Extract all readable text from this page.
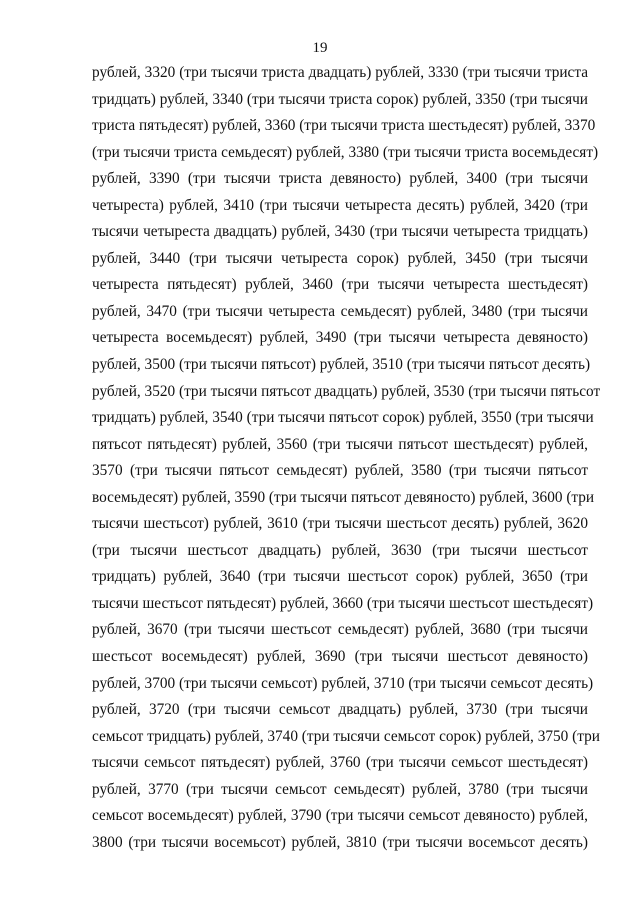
19
рублей, 3320 (три тысячи триста двадцать) рублей, 3330 (три тысячи триста
тридцать) рублей, 3340 (три тысячи триста сорок) рублей, 3350 (три тысячи
триста пятьдесят) рублей, 3360 (три тысячи триста шестьдесят) рублей, 3370
(три тысячи триста семьдесят) рублей, 3380 (три тысячи триста восемьдесят)
рублей, 3390 (три тысячи триста девяносто) рублей, 3400 (три тысячи
четыреста) рублей, 3410 (три тысячи четыреста десять) рублей, 3420 (три
тысячи четыреста двадцать) рублей, 3430 (три тысячи четыреста тридцать)
рублей, 3440 (три тысячи четыреста сорок) рублей, 3450 (три тысячи
четыреста пятьдесят) рублей, 3460 (три тысячи четыреста шестьдесят)
рублей, 3470 (три тысячи четыреста семьдесят) рублей, 3480 (три тысячи
четыреста восемьдесят) рублей, 3490 (три тысячи четыреста девяносто)
рублей, 3500 (три тысячи пятьсот) рублей, 3510 (три тысячи пятьсот десять)
рублей, 3520 (три тысячи пятьсот двадцать) рублей, 3530 (три тысячи пятьсот
тридцать) рублей, 3540 (три тысячи пятьсот сорок) рублей, 3550 (три тысячи
пятьсот пятьдесят) рублей, 3560 (три тысячи пятьсот шестьдесят) рублей,
3570 (три тысячи пятьсот семьдесят) рублей, 3580 (три тысячи пятьсот
восемьдесят) рублей, 3590 (три тысячи пятьсот девяносто) рублей, 3600 (три
тысячи шестьсот) рублей, 3610 (три тысячи шестьсот десять) рублей, 3620
(три тысячи шестьсот двадцать) рублей, 3630 (три тысячи шестьсот
тридцать) рублей, 3640 (три тысячи шестьсот сорок) рублей, 3650 (три
тысячи шестьсот пятьдесят) рублей, 3660 (три тысячи шестьсот шестьдесят)
рублей, 3670 (три тысячи шестьсот семьдесят) рублей, 3680 (три тысячи
шестьсот восемьдесят) рублей, 3690 (три тысячи шестьсот девяносто)
рублей, 3700 (три тысячи семьсот) рублей, 3710 (три тысячи семьсот десять)
рублей, 3720 (три тысячи семьсот двадцать) рублей, 3730 (три тысячи
семьсот тридцать) рублей, 3740 (три тысячи семьсот сорок) рублей, 3750 (три
тысячи семьсот пятьдесят) рублей, 3760 (три тысячи семьсот шестьдесят)
рублей, 3770 (три тысячи семьсот семьдесят) рублей, 3780 (три тысячи
семьсот восемьдесят) рублей, 3790 (три тысячи семьсот девяносто) рублей,
3800 (три тысячи восемьсот) рублей, 3810 (три тысячи восемьсот десять)
